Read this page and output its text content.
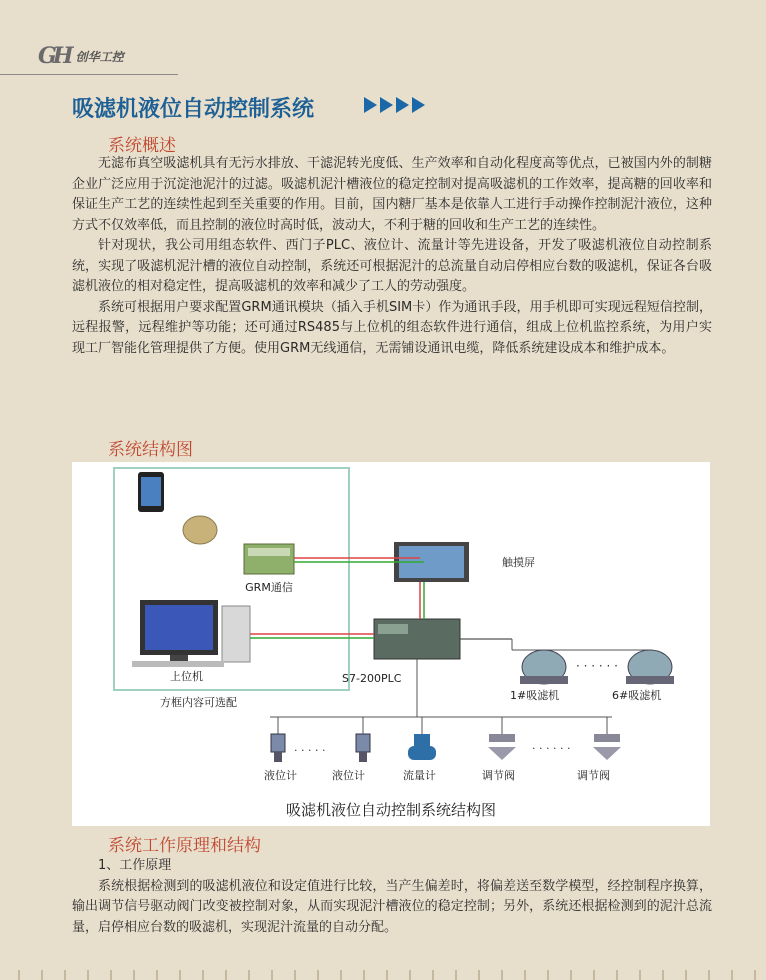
GH 创华工控
吸滤机液位自动控制系统
系统概述

无滤布真空吸滤机具有无污水排放、干滤泥转光度低、生产效率和自动化程度高等优点，已被国内外的制糖企业广泛应用于沉淀池泥汁的过滤。吸滤机泥汁槽液位的稳定控制对提高吸滤机的工作效率，提高糖的回收率和保证生产工艺的连续性起到至关重要的作用。目前，国内糖厂基本是依靠人工进行手动操作控制泥汁液位，这种方式不仅效率低，而且控制的液位时高时低，波动大，不利于糖的回收和生产工艺的连续性。

针对现状，我公司用组态软件、西门子PLC、液位计、流量计等先进设备，开发了吸滤机液位自动控制系统，实现了吸滤机泥汁槽的液位自动控制，系统还可根据泥汁的总流量自动启停相应台数的吸滤机，保证各台吸滤机液位的相对稳定性，提高吸滤机的效率和减少了工人的劳动强度。

系统可根据用户要求配置GRM通讯模块（插入手机SIM卡）作为通讯手段，用手机即可实现远程短信控制，远程报警，远程维护等功能；还可通过RS485与上位机的组态软件进行通信，组成上位机监控系统，为用户实现工厂智能化管理提供了方便。使用GRM无线通信，无需铺设通讯电缆，降低系统建设成本和维护成本。

系统结构图
GRM通信
上位机
方框内容可选配
触摸屏
S7-200PLC
1#吸滤机
· · · · · ·
6#吸滤机
液位计
· · · · ·
液位计	流量计	调节阀
· · · · · ·
调节阀
吸滤机液位自动控制系统结构图
系统工作原理和结构

1、工作原理

系统根据检测到的吸滤机液位和设定值进行比较，当产生偏差时，将偏差送至数学模型，经控制程序换算，输出调节信号驱动阀门改变被控制对象，从而实现泥汁槽液位的稳定控制；另外，系统还根据检测到的泥汁总流量，启停相应台数的吸滤机，实现泥汁流量的自动分配。
